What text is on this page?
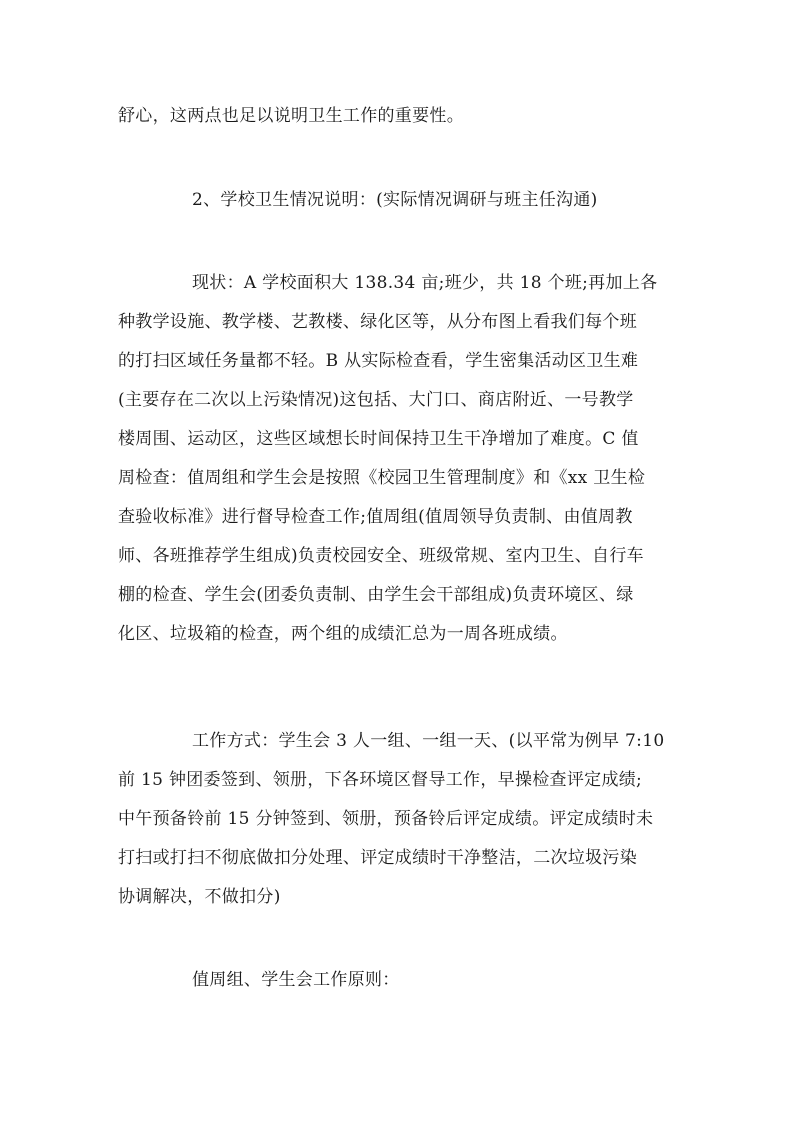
舒心，这两点也足以说明卫生工作的重要性。

2、学校卫生情况说明：(实际情况调研与班主任沟通)

现状：A 学校面积大 138.34 亩;班少，共 18 个班;再加上各

种教学设施、教学楼、艺教楼、绿化区等，从分布图上看我们每个班

的打扫区域任务量都不轻。B 从实际检查看，学生密集活动区卫生难

(主要存在二次以上污染情况)这包括、大门口、商店附近、一号教学

楼周围、运动区，这些区域想长时间保持卫生干净增加了难度。C 值

周检查：值周组和学生会是按照《校园卫生管理制度》和《xx 卫生检

查验收标准》进行督导检查工作;值周组(值周领导负责制、由值周教

师、各班推荐学生组成)负责校园安全、班级常规、室内卫生、自行车

棚的检查、学生会(团委负责制、由学生会干部组成)负责环境区、绿

化区、垃圾箱的检查，两个组的成绩汇总为一周各班成绩。

工作方式：学生会 3 人一组、一组一天、(以平常为例早 7:10

前 15 钟团委签到、领册，下各环境区督导工作，早操检查评定成绩;

中午预备铃前 15 分钟签到、领册，预备铃后评定成绩。评定成绩时未

打扫或打扫不彻底做扣分处理、评定成绩时干净整洁，二次垃圾污染

协调解决，不做扣分)

值周组、学生会工作原则：
